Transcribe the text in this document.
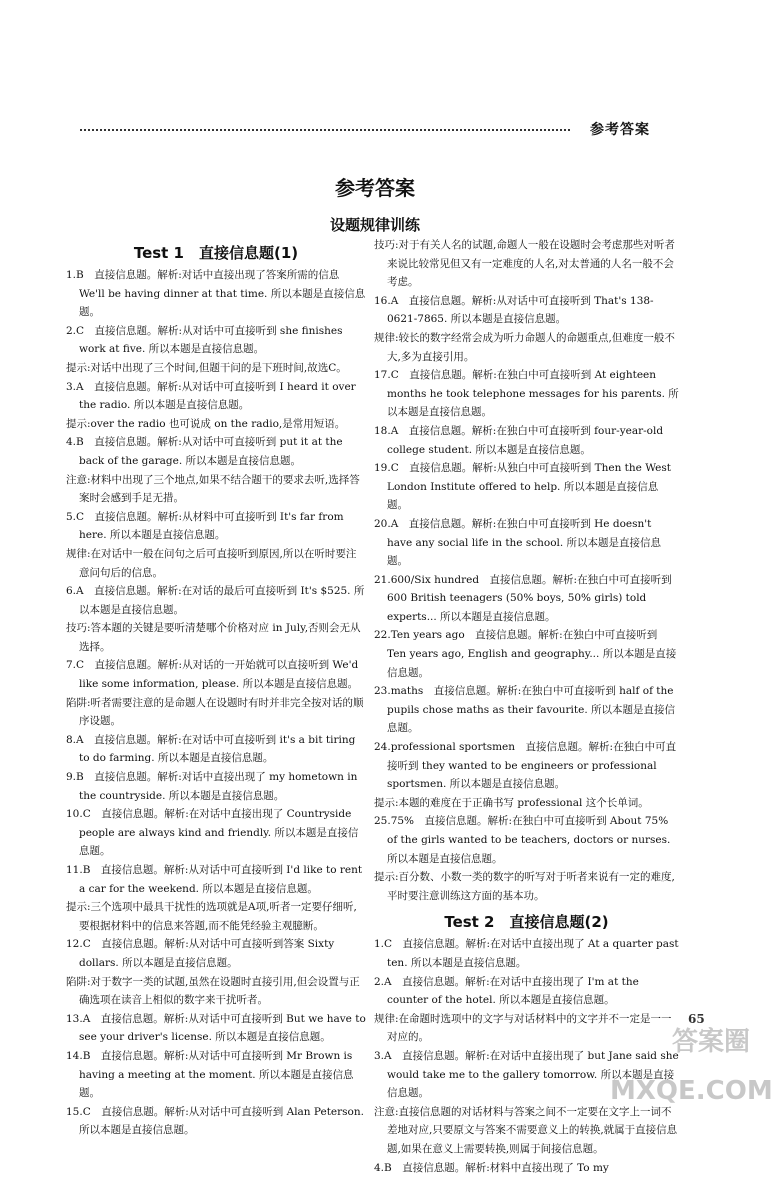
参考答案
参考答案
设题规律训练
Test 1　直接信息题(1)

1.B　直接信息题。解析:对话中直接出现了答案所需的信息 We'll be having dinner at that time. 所以本题是直接信息题。

2.C　直接信息题。解析:从对话中可直接听到 she finishes work at five. 所以本题是直接信息题。

提示:对话中出现了三个时间,但题干问的是下班时间,故选C。

3.A　直接信息题。解析:从对话中可直接听到 I heard it over the radio. 所以本题是直接信息题。

提示:over the radio 也可说成 on the radio,是常用短语。

4.B　直接信息题。解析:从对话中可直接听到 put it at the back of the garage. 所以本题是直接信息题。

注意:材料中出现了三个地点,如果不结合题干的要求去听,选择答案时会感到手足无措。

5.C　直接信息题。解析:从材料中可直接听到 It's far from here. 所以本题是直接信息题。

规律:在对话中一般在问句之后可直接听到原因,所以在听时要注意问句后的信息。

6.A　直接信息题。解析:在对话的最后可直接听到 It's $525. 所以本题是直接信息题。

技巧:答本题的关键是要听清楚哪个价格对应 in July,否则会无从选择。

7.C　直接信息题。解析:从对话的一开始就可以直接听到 We'd like some information, please. 所以本题是直接信息题。

陷阱:听者需要注意的是命题人在设题时有时并非完全按对话的顺序设题。

8.A　直接信息题。解析:在对话中可直接听到 it's a bit tiring to do farming. 所以本题是直接信息题。

9.B　直接信息题。解析:对话中直接出现了 my hometown in the countryside. 所以本题是直接信息题。

10.C　直接信息题。解析:在对话中直接出现了 Countryside people are always kind and friendly. 所以本题是直接信息题。

11.B　直接信息题。解析:从对话中可直接听到 I'd like to rent a car for the weekend. 所以本题是直接信息题。

提示:三个选项中最具干扰性的选项就是A项,听者一定要仔细听,要根据材料中的信息来答题,而不能凭经验主观臆断。

12.C　直接信息题。解析:从对话中可直接听到答案 Sixty dollars. 所以本题是直接信息题。

陷阱:对于数字一类的试题,虽然在设题时直接引用,但会设置与正确选项在读音上相似的数字来干扰听者。

13.A　直接信息题。解析:从对话中可直接听到 But we have to see your driver's license. 所以本题是直接信息题。

14.B　直接信息题。解析:从对话中可直接听到 Mr Brown is having a meeting at the moment. 所以本题是直接信息题。

15.C　直接信息题。解析:从对话中可直接听到 Alan Peterson. 所以本题是直接信息题。

技巧:对于有关人名的试题,命题人一般在设题时会考虑那些对听者来说比较常见但又有一定难度的人名,对太普通的人名一般不会考虑。

16.A　直接信息题。解析:从对话中可直接听到 That's 138-0621-7865. 所以本题是直接信息题。

规律:较长的数字经常会成为听力命题人的命题重点,但难度一般不大,多为直接引用。

17.C　直接信息题。解析:在独白中可直接听到 At eighteen months he took telephone messages for his parents. 所以本题是直接信息题。

18.A　直接信息题。解析:在独白中可直接听到 four-year-old college student. 所以本题是直接信息题。

19.C　直接信息题。解析:从独白中可直接听到 Then the West London Institute offered to help. 所以本题是直接信息题。

20.A　直接信息题。解析:在独白中可直接听到 He doesn't have any social life in the school. 所以本题是直接信息题。

21.600/Six hundred　直接信息题。解析:在独白中可直接听到 600 British teenagers (50% boys, 50% girls) told experts... 所以本题是直接信息题。

22.Ten years ago　直接信息题。解析:在独白中可直接听到 Ten years ago, English and geography... 所以本题是直接信息题。

23.maths　直接信息题。解析:在独白中可直接听到 half of the pupils chose maths as their favourite. 所以本题是直接信息题。

24.professional sportsmen　直接信息题。解析:在独白中可直接听到 they wanted to be engineers or professional sportsmen. 所以本题是直接信息题。

提示:本题的难度在于正确书写 professional 这个长单词。

25.75%　直接信息题。解析:在独白中可直接听到 About 75% of the girls wanted to be teachers, doctors or nurses. 所以本题是直接信息题。

提示:百分数、小数一类的数字的听写对于听者来说有一定的难度,平时要注意训练这方面的基本功。

Test 2　直接信息题(2)

1.C　直接信息题。解析:在对话中直接出现了 At a quarter past ten. 所以本题是直接信息题。

2.A　直接信息题。解析:在对话中直接出现了 I'm at the counter of the hotel. 所以本题是直接信息题。

规律:在命题时选项中的文字与对话材料中的文字并不一定是一一对应的。

3.A　直接信息题。解析:在对话中直接出现了 but Jane said she would take me to the gallery tomorrow. 所以本题是直接信息题。

注意:直接信息题的对话材料与答案之间不一定要在文字上一词不差地对应,只要原文与答案不需要意义上的转换,就属于直接信息题,如果在意义上需要转换,则属于间接信息题。

4.B　直接信息题。解析:材料中直接出现了 To my

65
答案圈 MXQE.COM
